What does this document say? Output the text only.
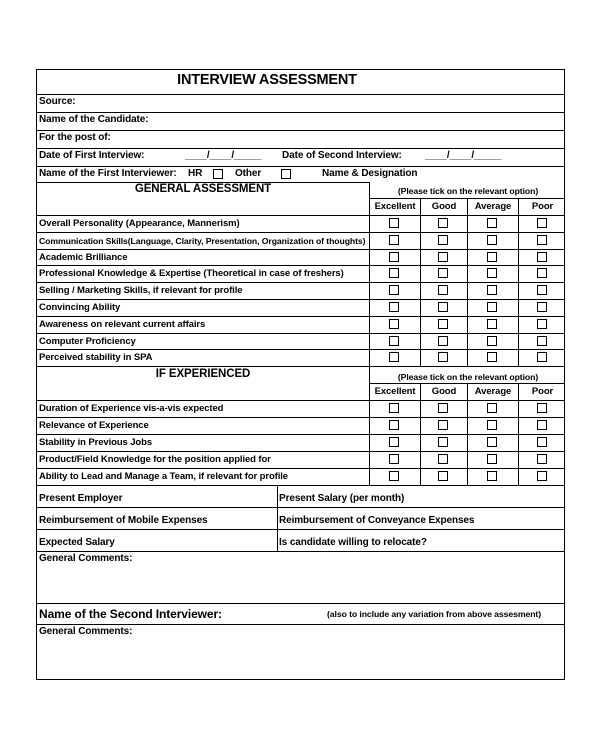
INTERVIEW ASSESSMENT
Source:
Name of the Candidate:
For the post of:
Date of First Interview:	____/____/_____ Date of Second Interview: ____/____/_____
Name of the First Interviewer: HR	Other	Name & Designation
GENERAL ASSESSMENT	(Please tick on the relevant option)
Excellent	Good	Average	Poor
Overall Personality (Appearance, Mannerism)
Communication Skills(Language, Clarity, Presentation, Organization of thoughts)
Academic Brilliance
Professional Knowledge & Expertise (Theoretical in case of freshers)
Selling / Marketing Skills, if relevant for profile
Convincing Ability
Awareness on relevant current affairs
Computer Proficiency
Perceived stability in SPA
IF EXPERIENCED	(Please tick on the relevant option)
Excellent	Good	Average	Poor
Duration of Experience vis-a-vis expected
Relevance of Experience
Stability in Previous Jobs
Product/Field Knowledge for the position applied for
Ability to Lead and Manage a Team, if relevant for profile
Present Employer	Present Salary (per month)
Reimbursement of Mobile Expenses	Reimbursement of Conveyance Expenses
Expected Salary	Is candidate willing to relocate?
General Comments:
Name of the Second Interviewer:	(also to include any variation from above assesment)
General Comments:
